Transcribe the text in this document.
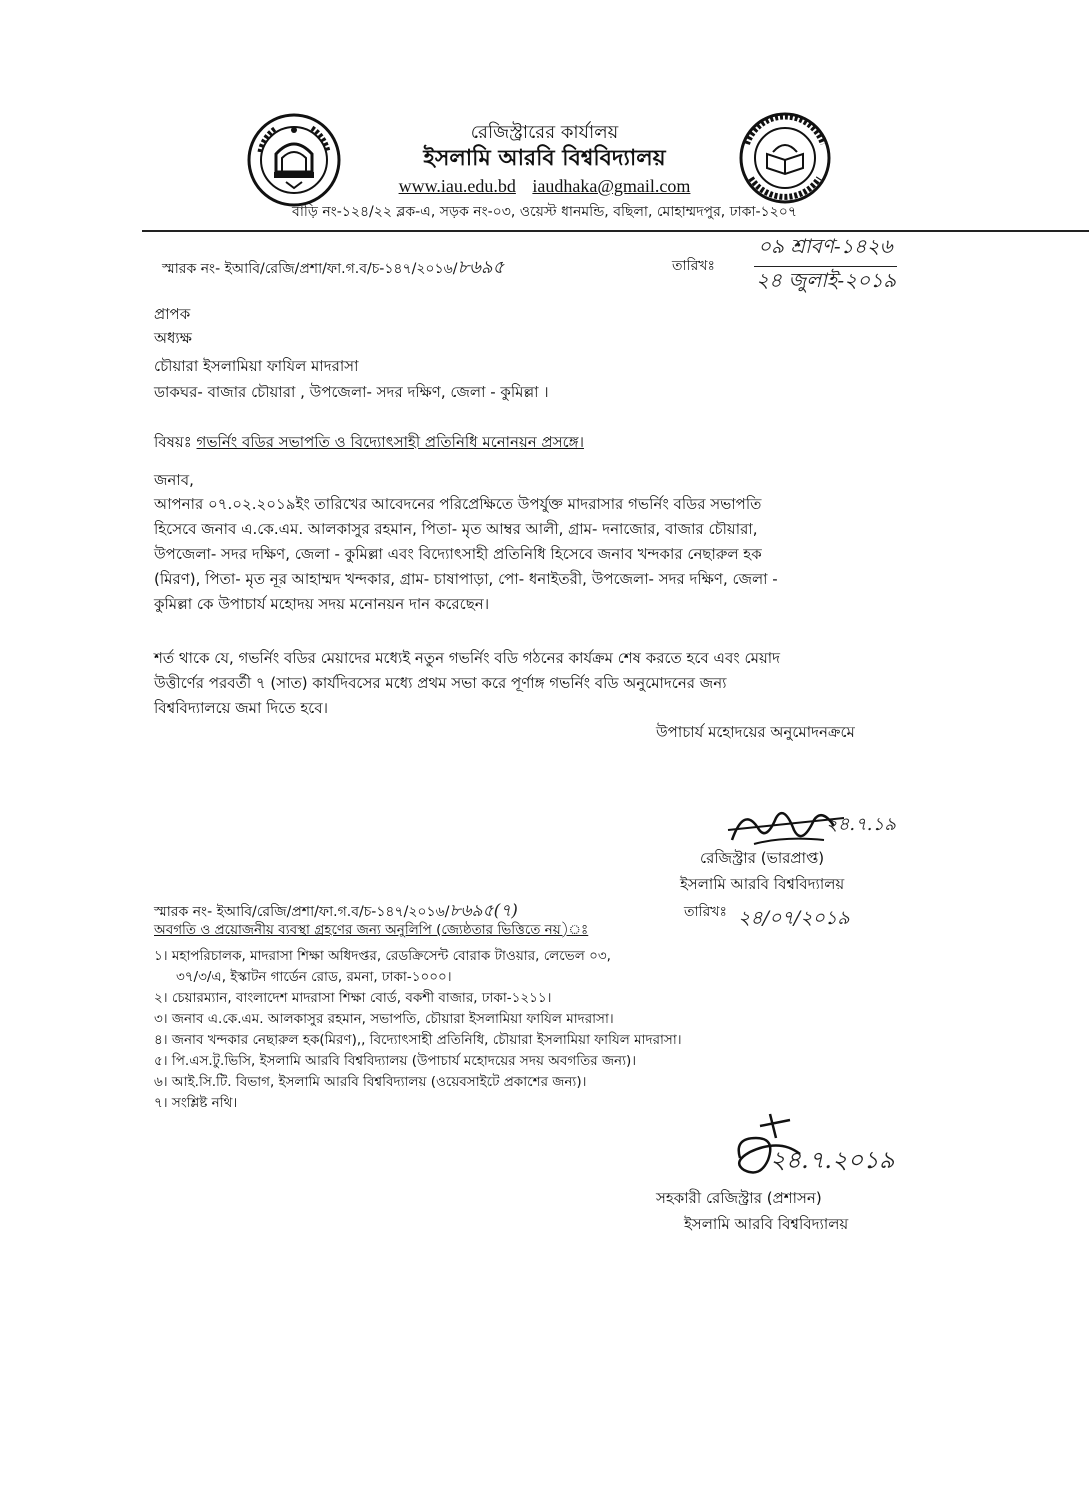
রেজিস্ট্রারের কার্যালয়
ইসলামি আরবি বিশ্ববিদ্যালয়
www.iau.edu.bd iaudhaka@gmail.com
বাড়ি নং-১২৪/২২ ব্লক-এ, সড়ক নং-০৩, ওয়েস্ট ধানমন্ডি, বছিলা, মোহাম্মদপুর, ঢাকা-১২০৭
স্মারক নং- ইআবি/রেজি/প্রশা/ফা.গ.ব/চ-১৪৭/২০১৬/৮৬৯৫	তারিখঃ
০৯ শ্রাবণ-১৪২৬
২৪ জুলাই-২০১৯
প্রাপক
অধ্যক্ষ
চৌয়ারা ইসলামিয়া ফাযিল মাদরাসা
ডাকঘর- বাজার চৌয়ারা , উপজেলা- সদর দক্ষিণ, জেলা - কুমিল্লা ।
বিষয়ঃ গভর্নিং বডির সভাপতি ও বিদ্যোৎসাহী প্রতিনিধি মনোনয়ন প্রসঙ্গে।
জনাব,
আপনার ০৭.০২.২০১৯ইং তারিখের আবেদনের পরিপ্রেক্ষিতে উপর্যুক্ত মাদরাসার গভর্নিং বডির সভাপতি
হিসেবে জনাব এ.কে.এম. আলকাসুর রহমান, পিতা- মৃত আম্বর আলী, গ্রাম- দনাজোর, বাজার চৌয়ারা,
উপজেলা- সদর দক্ষিণ, জেলা - কুমিল্লা এবং বিদ্যোৎসাহী প্রতিনিধি হিসেবে জনাব খন্দকার নেছারুল হক
(মিরণ), পিতা- মৃত নূর আহাম্মদ খন্দকার, গ্রাম- চাষাপাড়া, পো- ধনাইতরী, উপজেলা- সদর দক্ষিণ, জেলা -
কুমিল্লা কে উপাচার্য মহোদয় সদয় মনোনয়ন দান করেছেন।
শর্ত থাকে যে, গভর্নিং বডির মেয়াদের মধ্যেই নতুন গভর্নিং বডি গঠনের কার্যক্রম শেষ করতে হবে এবং মেয়াদ
উত্তীর্ণের পরবর্তী ৭ (সাত) কার্যদিবসের মধ্যে প্রথম সভা করে পূর্ণাঙ্গ গভর্নিং বডি অনুমোদনের জন্য
বিশ্ববিদ্যালয়ে জমা দিতে হবে।
উপাচার্য মহোদয়ের অনুমোদনক্রমে
২৪.৭.১৯
রেজিস্ট্রার (ভারপ্রাপ্ত)
ইসলামি আরবি বিশ্ববিদ্যালয়
স্মারক নং- ইআবি/রেজি/প্রশা/ফা.গ.ব/চ-১৪৭/২০১৬/৮৬৯৫(৭)	তারিখঃ ২৪/০৭/২০১৯
অবগতি ও প্রয়োজনীয় ব্যবস্থা গ্রহণের জন্য অনুলিপি (জ্যেষ্ঠতার ভিত্তিতে নয়)ঃ
১। মহাপরিচালক, মাদরাসা শিক্ষা অধিদপ্তর, রেডক্রিসেন্ট বোরাক টাওয়ার, লেভেল ০৩,
৩৭/৩/এ, ইস্কাটন গার্ডেন রোড, রমনা, ঢাকা-১০০০।
২। চেয়ারম্যান, বাংলাদেশ মাদরাসা শিক্ষা বোর্ড, বকশী বাজার, ঢাকা-১২১১।
৩। জনাব এ.কে.এম. আলকাসুর রহমান, সভাপতি, চৌয়ারা ইসলামিয়া ফাযিল মাদরাসা।
৪। জনাব খন্দকার নেছারুল হক(মিরণ),, বিদ্যোৎসাহী প্রতিনিধি, চৌয়ারা ইসলামিয়া ফাযিল মাদরাসা।
৫। পি.এস.টু.ভিসি, ইসলামি আরবি বিশ্ববিদ্যালয় (উপাচার্য মহোদয়ের সদয় অবগতির জন্য)।
৬। আই.সি.টি. বিভাগ, ইসলামি আরবি বিশ্ববিদ্যালয় (ওয়েবসাইটে প্রকাশের জন্য)।
৭। সংশ্লিষ্ট নথি।
২৪.৭.২০১৯
সহকারী রেজিস্ট্রার (প্রশাসন)
ইসলামি আরবি বিশ্ববিদ্যালয়
